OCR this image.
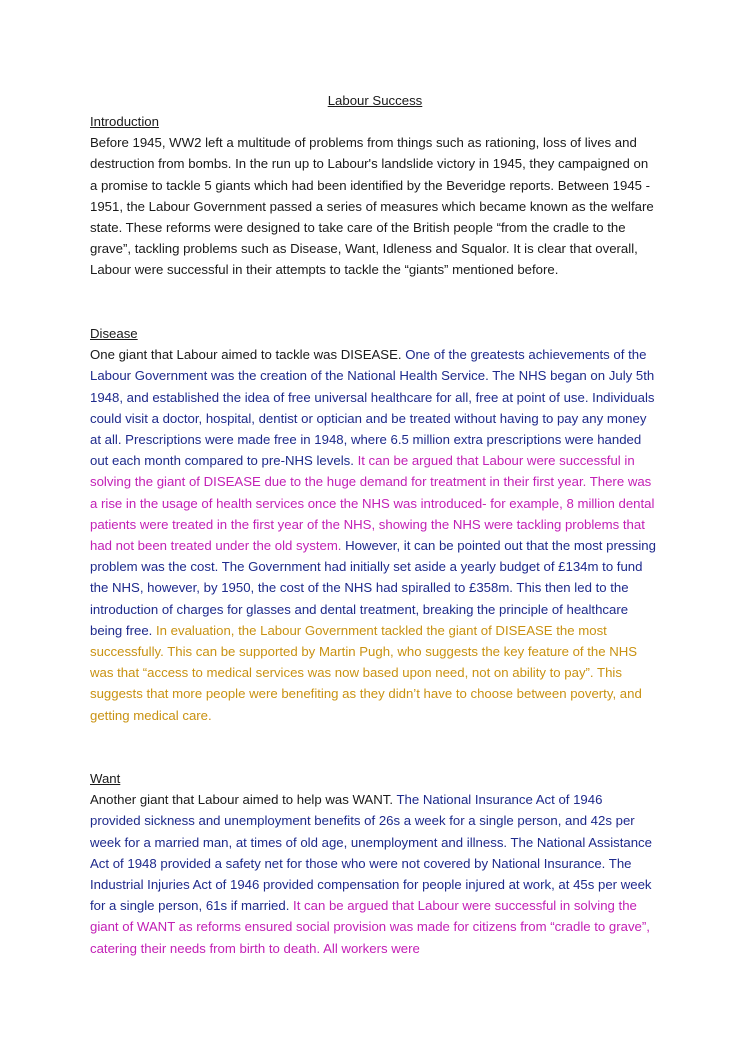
Labour Success
Introduction

Before 1945, WW2 left a multitude of problems from things such as rationing, loss of lives and destruction from bombs. In the run up to Labour's landslide victory in 1945, they campaigned on a promise to tackle 5 giants which had been identified by the Beveridge reports. Between 1945 - 1951, the Labour Government passed a series of measures which became known as the welfare state. These reforms were designed to take care of the British people “from the cradle to the grave”, tackling problems such as Disease, Want, Idleness and Squalor. It is clear that overall, Labour were successful in their attempts to tackle the “giants” mentioned before.

Disease

One giant that Labour aimed to tackle was DISEASE. One of the greatests achievements of the Labour Government was the creation of the National Health Service. The NHS began on July 5th 1948, and established the idea of free universal healthcare for all, free at point of use. Individuals could visit a doctor, hospital, dentist or optician and be treated without having to pay any money at all. Prescriptions were made free in 1948, where 6.5 million extra prescriptions were handed out each month compared to pre-NHS levels. It can be argued that Labour were successful in solving the giant of DISEASE due to the huge demand for treatment in their first year. There was a rise in the usage of health services once the NHS was introduced- for example, 8 million dental patients were treated in the first year of the NHS, showing the NHS were tackling problems that had not been treated under the old system. However, it can be pointed out that the most pressing problem was the cost. The Government had initially set aside a yearly budget of £134m to fund the NHS, however, by 1950, the cost of the NHS had spiralled to £358m. This then led to the introduction of charges for glasses and dental treatment, breaking the principle of healthcare being free. In evaluation, the Labour Government tackled the giant of DISEASE the most successfully. This can be supported by Martin Pugh, who suggests the key feature of the NHS was that “access to medical services was now based upon need, not on ability to pay”. This suggests that more people were benefiting as they didn’t have to choose between poverty, and getting medical care.

Want

Another giant that Labour aimed to help was WANT. The National Insurance Act of 1946 provided sickness and unemployment benefits of 26s a week for a single person, and 42s per week for a married man, at times of old age, unemployment and illness. The National Assistance Act of 1948 provided a safety net for those who were not covered by National Insurance. The Industrial Injuries Act of 1946 provided compensation for people injured at work, at 45s per week for a single person, 61s if married. It can be argued that Labour were successful in solving the giant of WANT as reforms ensured social provision was made for citizens from “cradle to grave”, catering their needs from birth to death. All workers were
